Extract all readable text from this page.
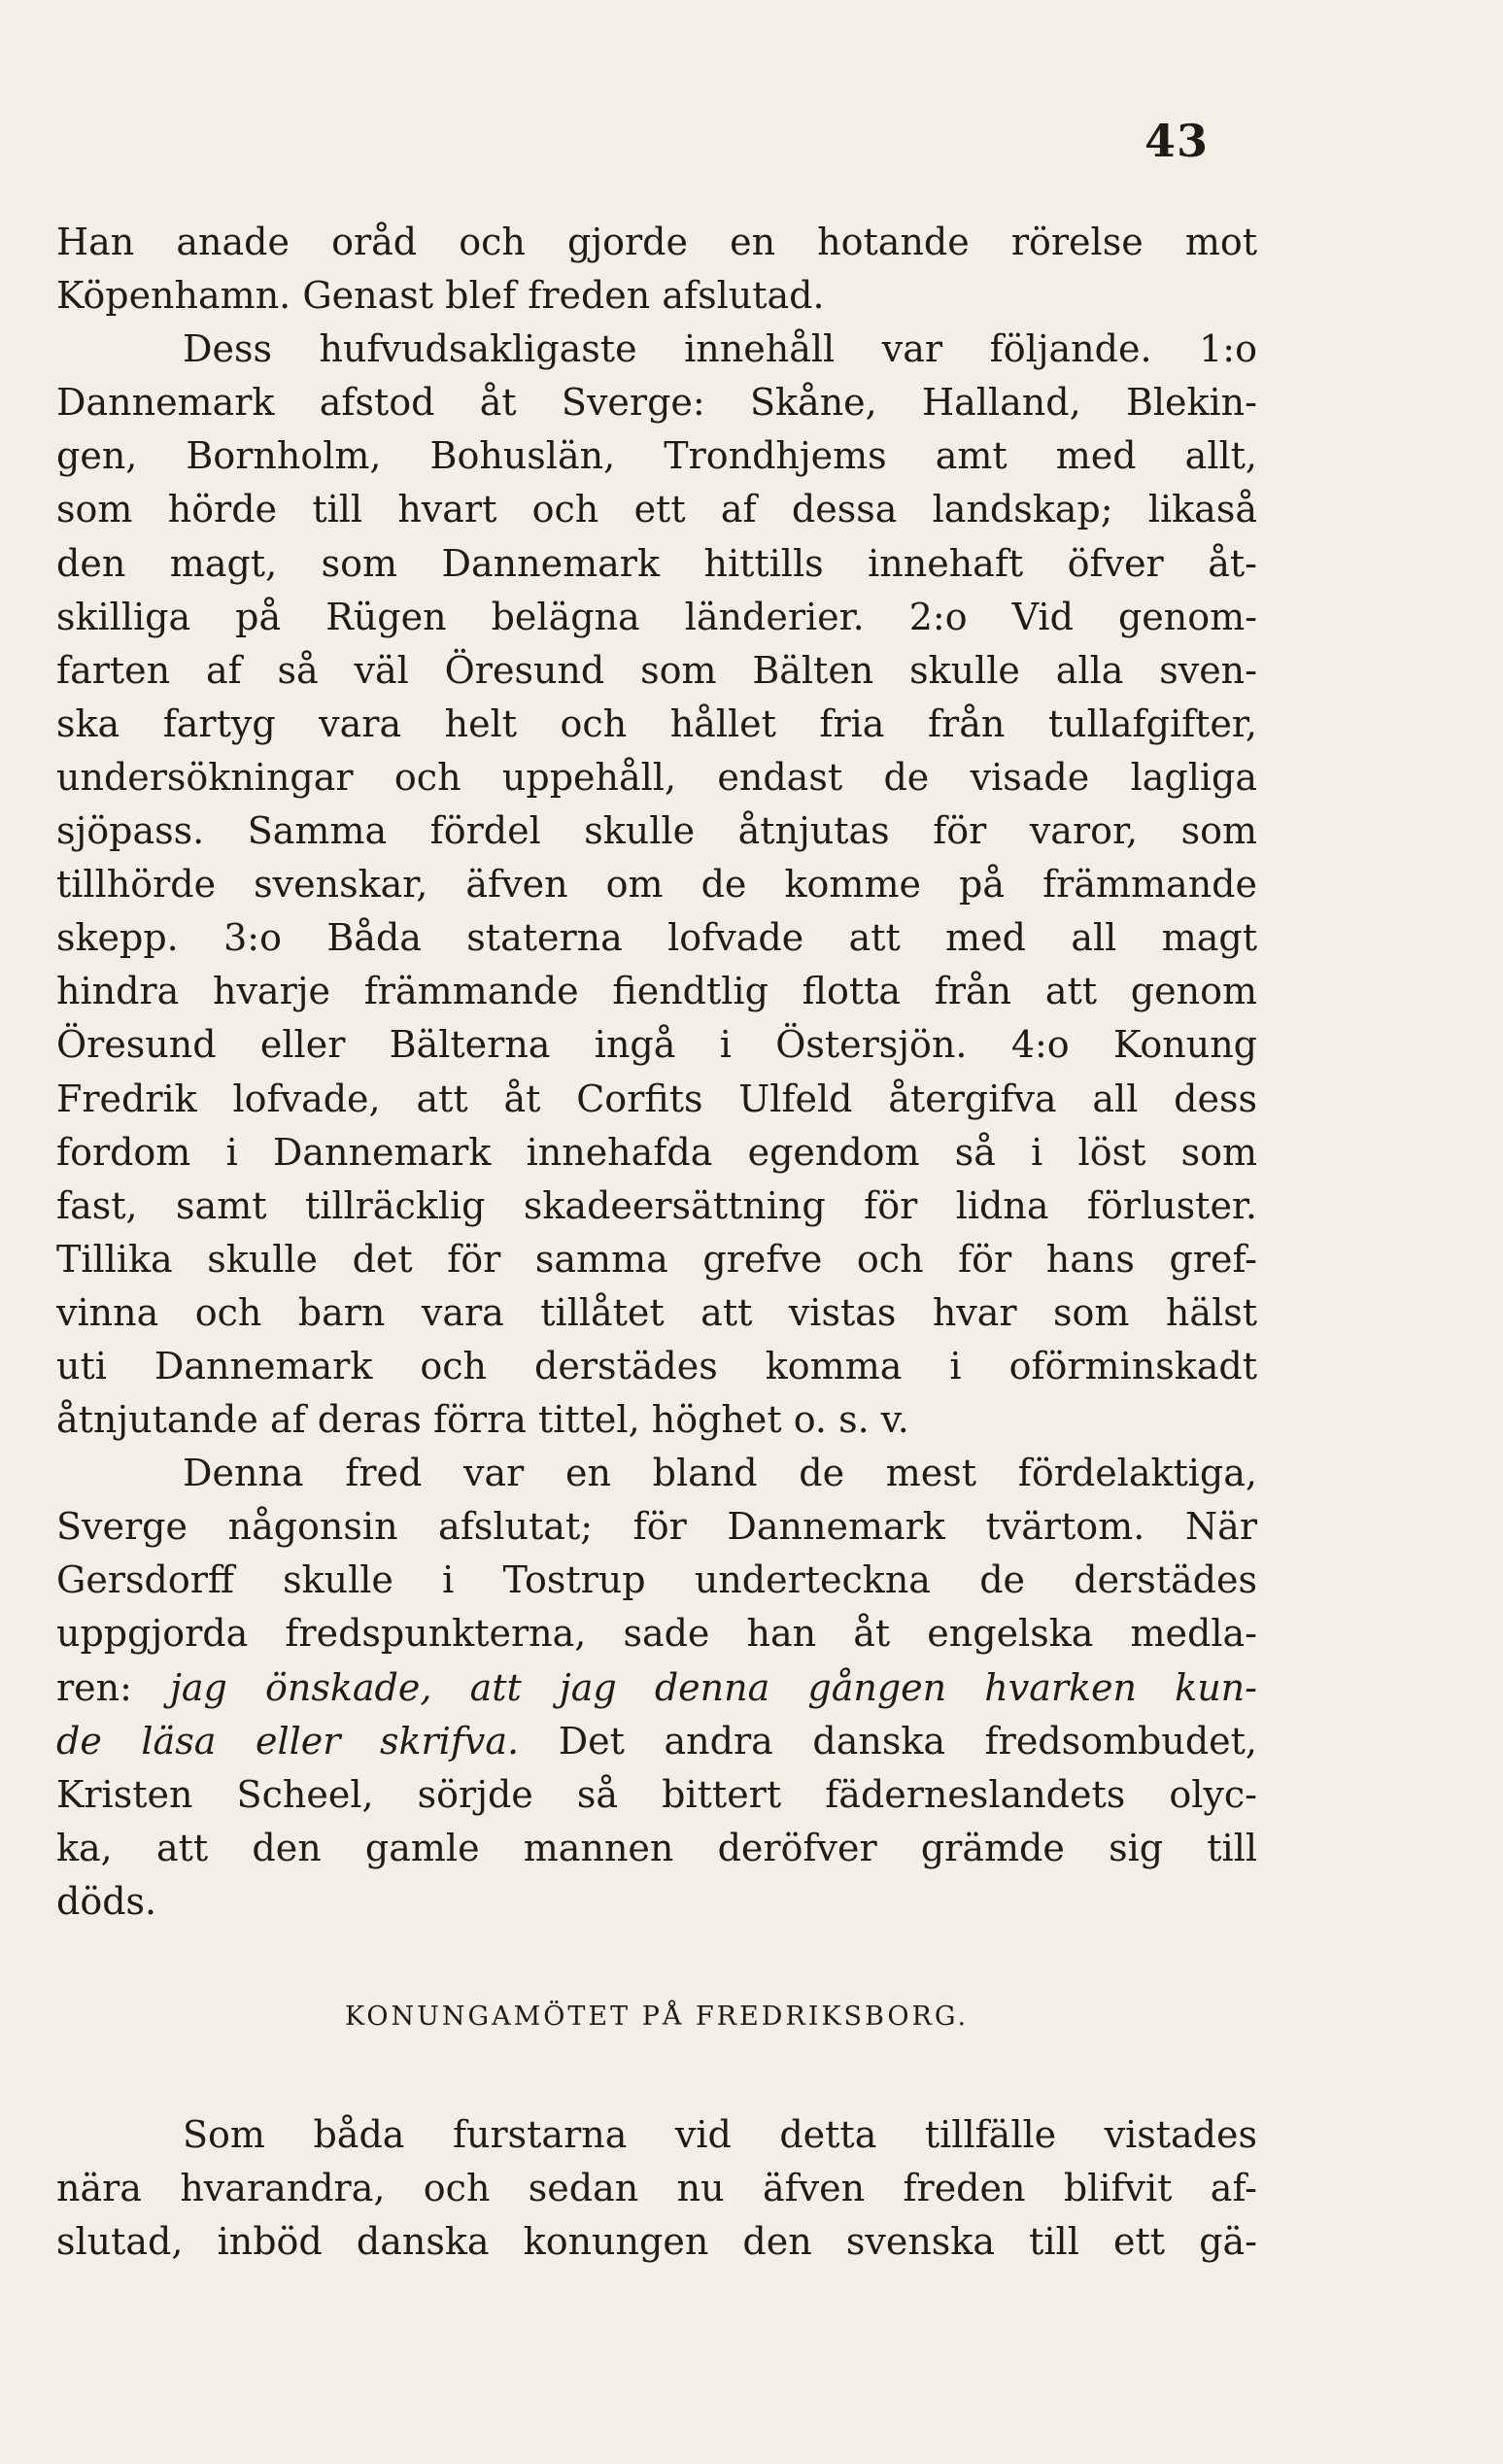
43
Han anade oråd och gjorde en hotande rörelse mot
Köpenhamn. Genast blef freden afslutad.
Dess hufvudsakligaste innehåll var följande. 1:o
Dannemark afstod åt Sverge: Skåne, Halland, Blekin-
gen, Bornholm, Bohuslän, Trondhjems amt med allt,
som hörde till hvart och ett af dessa landskap; likaså
den magt, som Dannemark hittills innehaft öfver åt-
skilliga på Rügen belägna länderier. 2:o Vid genom-
farten af så väl Öresund som Bälten skulle alla sven-
ska fartyg vara helt och hållet fria från tullafgifter,
undersökningar och uppehåll, endast de visade lagliga
sjöpass. Samma fördel skulle åtnjutas för varor, som
tillhörde svenskar, äfven om de komme på främmande
skepp. 3:o Båda staterna lofvade att med all magt
hindra hvarje främmande fiendtlig flotta från att genom
Öresund eller Bälterna ingå i Östersjön. 4:o Konung
Fredrik lofvade, att åt Corfits Ulfeld återgifva all dess
fordom i Dannemark innehafda egendom så i löst som
fast, samt tillräcklig skadeersättning för lidna förluster.
Tillika skulle det för samma grefve och för hans gref-
vinna och barn vara tillåtet att vistas hvar som hälst
uti Dannemark och derstädes komma i oförminskadt
åtnjutande af deras förra tittel, höghet o. s. v.
Denna fred var en bland de mest fördelaktiga,
Sverge någonsin afslutat; för Dannemark tvärtom. När
Gersdorff skulle i Tostrup underteckna de derstädes
uppgjorda fredspunkterna, sade han åt engelska medla-
ren: jag önskade, att jag denna gången hvarken kun-
de läsa eller skrifva. Det andra danska fredsombudet,
Kristen Scheel, sörjde så bittert fäderneslandets olyc-
ka, att den gamle mannen deröfver grämde sig till
döds.
KONUNGAMÖTET PÅ FREDRIKSBORG.
Som båda furstarna vid detta tillfälle vistades
nära hvarandra, och sedan nu äfven freden blifvit af-
slutad, inböd danska konungen den svenska till ett gä-
